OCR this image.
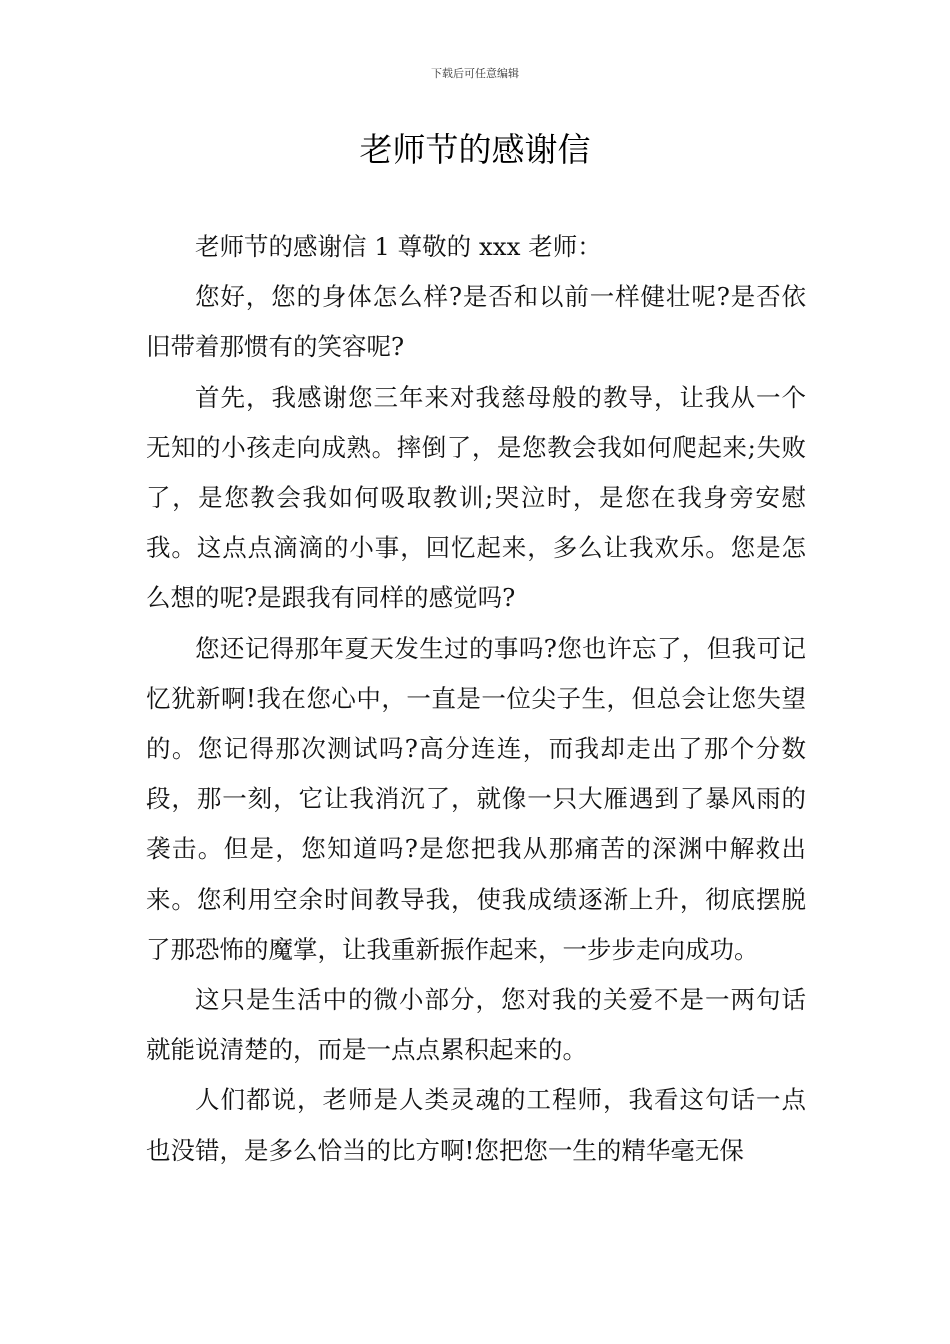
下载后可任意编辑
老师节的感谢信

老师节的感谢信 1 尊敬的 xxx 老师：

您好，您的身体怎么样?是否和以前一样健壮呢?是否依旧带着那惯有的笑容呢?

首先，我感谢您三年来对我慈母般的教导，让我从一个无知的小孩走向成熟。摔倒了，是您教会我如何爬起来;失败了，是您教会我如何吸取教训;哭泣时，是您在我身旁安慰我。这点点滴滴的小事，回忆起来，多么让我欢乐。您是怎么想的呢?是跟我有同样的感觉吗?

您还记得那年夏天发生过的事吗?您也许忘了，但我可记忆犹新啊!我在您心中，一直是一位尖子生，但总会让您失望的。您记得那次测试吗?高分连连，而我却走出了那个分数段，那一刻，它让我消沉了，就像一只大雁遇到了暴风雨的袭击。但是，您知道吗?是您把我从那痛苦的深渊中解救出来。您利用空余时间教导我，使我成绩逐渐上升，彻底摆脱了那恐怖的魔掌，让我重新振作起来，一步步走向成功。

这只是生活中的微小部分，您对我的关爱不是一两句话就能说清楚的，而是一点点累积起来的。

人们都说，老师是人类灵魂的工程师，我看这句话一点也没错，是多么恰当的比方啊!您把您一生的精华毫无保
